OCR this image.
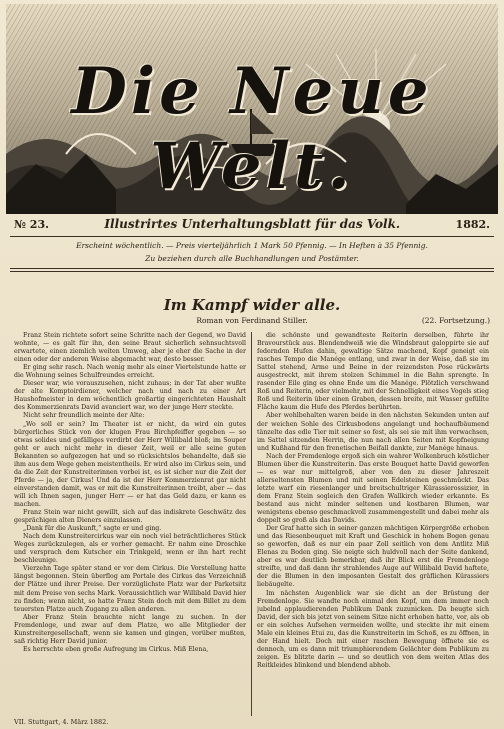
Die Neue Welt.
№ 23.	Illustrirtes Unterhaltungsblatt für das Volk.	1882.
Erscheint wöchentlich. — Preis vierteljährlich 1 Mark 50 Pfennig. — In Heften à 35 Pfennig.
Zu beziehen durch alle Buchhandlungen und Postämter.
Im Kampf wider alle.
Roman von Ferdinand Stiller.	(22. Fortsetzung.)

Franz Stein richtete sofort seine Schritte nach der Gegend, wo David wohnte, — es galt für ihn, den seine Braut sicherlich sehnsuchtsvoll erwartete, einen ziemlich weiten Umweg, aber je eher die Sache in der einen oder der anderen Weise abgemacht war, desto besser.

Er ging sehr rasch. Nach wenig mehr als einer Viertelstunde hatte er die Wohnung seines Schulfreundes erreicht.

Dieser war, wie vorauszusehen, nicht zuhaus; in der Tat aber wußte der alte Komptoirdiener, welcher nach und nach zu einer Art Haushofmeister in dem wöchentlich großartig eingerichteten Haushalt des Kommerzienrats David avanciert war, wo der junge Herr steckte.

Nicht sehr freundlich meinte der Alte:

„Wo soll er sein? Im Theater ist er nicht, da wird ein gutes bürgerliches Stück von der klugen Frau Birchpfeiffer gegeben — so etwas solides und gefälliges verdirbt der Herr Willibald bloß; im Souper geht er auch nicht mehr in dieser Zeit, weil er alle seine guten Bekannten so aufgezogen hat und so rücksichtslos behandelte, daß sie ihm aus dem Wege gehen meistentheils. Er wird also im Cirkus sein, und da die Zeit der Kunstreiterinnen vorbei ist, es ist sicher nur die Zeit der Pferde — ja, der Cirkus! Und da ist der Herr Kommerzienrat gar nicht einverstanden damit, was er mit die Kunstreiterinnen treibt, aber — das will ich Ihnen sagen, junger Herr — er hat das Geld dazu, er kann es machen.

Franz Stein war nicht gewillt, sich auf das indiskrete Geschwätz des gesprächigen alten Dieners einzulassen.

„Dank für die Auskunft,“ sagte er und ging.

Nach dem Kunstreitercirkus war ein noch viel beträchtlicheres Stück Weges zurückzulegen, als er vorher gemacht. Er nahm eine Droschke und versprach dem Kutscher ein Trinkgeld, wenn er ihn hart recht beschleunige.

Vierzehn Tage später stand er vor dem Cirkus. Die Vorstellung hatte längst begonnen. Stein überflog am Portale des Cirkus das Verzeichniß der Plätze und ihrer Preise. Der vorzüglichste Platz war der Parketsitz mit dem Preise von sechs Mark. Voraussichtlich war Willibald David hier zu finden; wenn nicht, so hatte Franz Stein doch mit dem Billet zu dem teuersten Platze auch Zugang zu allen anderen.

Aber Franz Stein brauchte nicht lange zu suchen. In der Fremdenloge, und zwar auf dem Platze, wo alle Mitglieder der Kunstreitergesellschaft, wenn sie kamen und gingen, vorüber mußten, saß richtig Herr David junior.

Es herrschte eben große Aufregung im Cirkus. Miß Elena,

die schönste und gewandteste Reiterin derselben, führte ihr Bravourstück aus. Blendendweiß wie die Windsbraut galoppirte sie auf federnden Hufen dahin, gewaltige Sätze machend, Kopf geneigt ein rasches Tempo die Manége entlang, und zwar in der Weise, daß sie im Sattel stehend, Arme und Beine in der reizendsten Pose rückwärts ausgestreckt, mit ihrem stolzen Schimmel in die Bahn sprengte. In rasender Eile ging es ohne Ende um die Manége. Plötzlich verschwand Roß und Reiterin, oder vielmehr, mit der Schnelligkeit eines Vogels stieg Roß und Reiterin über einen Graben, dessen breite, mit Wasser gefüllte Fläche kaum die Hufe des Pferdes berührten.

Aber wohlbehalten waren beide in den nächsten Sekunden unten auf der weichen Sohle des Cirkusbodens angelangt und hochaufbäumend tänzelte das edle Tier mit seiner so fest, als sei sie mit ihm verwachsen, im Sattel sitzenden Herrin, die nun nach allen Seiten mit Kopfneigung und Kußhand für den frenetischen Beifall dankte, zur Manége hinaus.

Nach der Fremdenloge ergoß sich ein wahrer Wolkenbruch köstlicher Blumen über die Kunstreiterin. Das erste Bouquet hatte David geworfen — es war nur mittelgroß, aber von den zu dieser Jahreszeit allerseltensten Blumen und mit seinen Edelsteinen geschmückt. Das letzte warf ein riesenlanger und breitschultriger Kürassierossizier, in dem Franz Stein sogleich den Grafen Wallkirch wieder erkannte. Es bestand aus nicht minder seltenen und kostbaren Blumen, war wenigstens ebenso geschmackvoll zusammengestellt und dabei mehr als doppelt so groß als das Davids.

Der Graf hatte sich in seiner ganzen mächtigen Körpergröße erhoben und das Riesenbouquet mit Kraft und Geschick in hohem Bogen genau so geworfen, daß es nur ein paar Zoll seitlich von dem Antlitz Miß Elenas zu Boden ging. Sie neigte sich huldvoll nach der Seite dankend, aber es war deutlich bemerkbar, daß ihr Blick erst die Fremdenloge streifte, und daß dann ihr strahlendes Auge auf Willibald David haftete, der die Blumen in den imposanten Gestalt des gräflichen Kürassiers liebäugelte.

Im nächsten Augenblick war sie dicht an der Brüstung der Fremdenloge. Sie wandte noch einmal den Kopf, um dem immer noch jubelnd applaudierenden Publikum Dank zuzunicken. Da beugte sich David, der sich bis jetzt von seinem Sitze nicht erhoben hatte, vor, als ob er ein solches Aufsehen vermeiden wollte, und steckte ihr mit einem Male ein kleines Etui zu, das die Kunstreiterin im Schoß, es zu öffnen, in der Hand hielt. Doch mit einer raschen Bewegung öffnete sie es dennoch, um es dann mit triumphierendem Gelächter dem Publikum zu zeigen. Es blitzte darin — und so deutlich von dem weiten Atlas des Reitkleides blinkend und blendend abhob.

VII. Stuttgart, 4. März 1882.
